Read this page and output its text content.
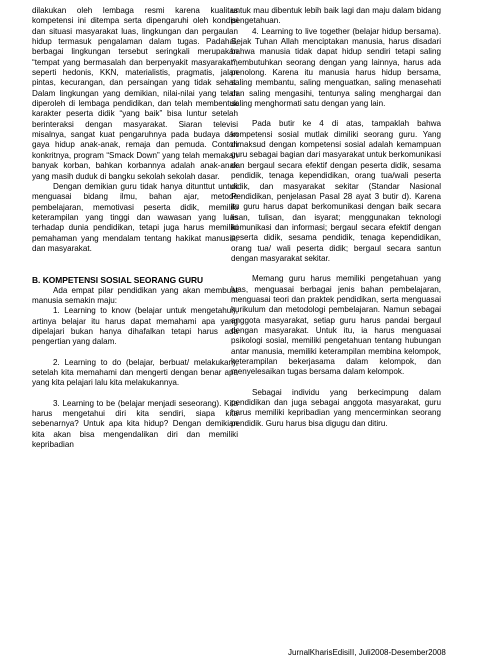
dilakukan oleh lembaga resmi karena kualitas kompetensi ini ditempa serta dipengaruhi oleh kondisi dan situasi masyarakat luas, lingkungan dan pergaulan hidup termasuk pengalaman dalam tugas. Padahal, berbagai lingkungan tersebut seringkali merupakan “tempat yang bermasalah dan berpenyakit masyarakat”, seperti hedonis, KKN, materialistis, pragmatis, jalan pintas, kecurangan, dan persaingan yang tidak sehat. Dalam lingkungan yang demikian, nilai-nilai yang telah diperoleh di lembaga pendidikan, dan telah membentuk karakter peserta didik “yang baik” bisa luntur setelah berinteraksi dengan masyarakat. Siaran televisi misalnya, sangat kuat pengaruhnya pada budaya dan gaya hidup anak-anak, remaja dan pemuda. Contoh konkritnya, program “Smack Down” yang telah memakan banyak korban, bahkan korbannya adalah anak-anak yang masih duduk di bangku sekolah sekolah dasar.

Dengan demikian guru tidak hanya ditunttut untuk menguasai bidang ilmu, bahan ajar, metode pembelajaran, memotivasi peserta didik, memiliki keterampilan yang tinggi dan wawasan yang luas terhadap dunia pendidikan, tetapi juga harus memiliki pemahaman yang mendalam tentang hakikat manusia, dan masyarakat.

B. KOMPETENSI SOSIAL SEORANG GURU

Ada empat pilar pendidikan yang akan membuat manusia semakin maju:

1. Learning to know (belajar untuk mengetahui), artinya belajar itu harus dapat memahami apa yang dipelajari bukan hanya dihafalkan tetapi harus ada pengertian yang dalam.

2. Learning to do (belajar, berbuat/ melakukan), setelah kita memahami dan mengerti dengan benar apa yang kita pelajari lalu kita melakukannya.

3. Learning to be (belajar menjadi seseorang). Kita harus mengetahui diri kita sendiri, siapa kita sebenarnya? Untuk apa kita hidup? Dengan demikian kita akan bisa mengendalikan diri dan memiliki kepribadian

untuk mau dibentuk lebih baik lagi dan maju dalam bidang pengetahuan.

4. Learning to live together (belajar hidup bersama). Sejak Tuhan Allah menciptakan manusia, harus disadari bahwa manusia tidak dapat hidup sendiri tetapi saling membutuhkan seorang dengan yang lainnya, harus ada penolong. Karena itu manusia harus hidup bersama, saling membantu, saling menguatkan, saling menasehati dan saling mengasihi, tentunya saling menghargai dan saling menghormati satu dengan yang lain.

Pada butir ke 4 di atas, tampaklah bahwa kompetensi sosial mutlak dimiliki seorang guru. Yang dimaksud dengan kompetensi sosial adalah kemampuan guru sebagai bagian dari masyarakat untuk berkomunikasi dan bergaul secara efektif dengan peserta didik, sesama pendidik, tenaga kependidikan, orang tua/wali peserta didik, dan masyarakat sekitar (Standar Nasional Pendidikan, penjelasan Pasal 28 ayat 3 butir d). Karena itu guru harus dapat berkomunikasi dengan baik secara lisan, tulisan, dan isyarat; menggunakan teknologi komunikasi dan informasi; bergaul secara efektif dengan peserta didik, sesama pendidik, tenaga kependidikan, orang tua/ wali peserta didik; bergaul secara santun dengan masyarakat sekitar.

Memang guru harus memiliki pengetahuan yang luas, menguasai berbagai jenis bahan pembelajaran, menguasai teori dan praktek pendidikan, serta menguasai kurikulum dan metodologi pembelajaran. Namun sebagai anggota masyarakat, setiap guru harus pandai bergaul dengan masyarakat. Untuk itu, ia harus menguasai psikologi sosial, memiliki pengetahuan tentang hubungan antar manusia, memiliki keterampilan membina kelompok, keterampilan bekerjasama dalam kelompok, dan menyelesaikan tugas bersama dalam kelompok.

Sebagai individu yang berkecimpung dalam pendidikan dan juga sebagai anggota masyarakat, guru harus memiliki kepribadian yang mencerminkan seorang pendidik. Guru harus bisa digugu dan ditiru.

JurnalKharisEdisiII, Juli2008-Desember2008
